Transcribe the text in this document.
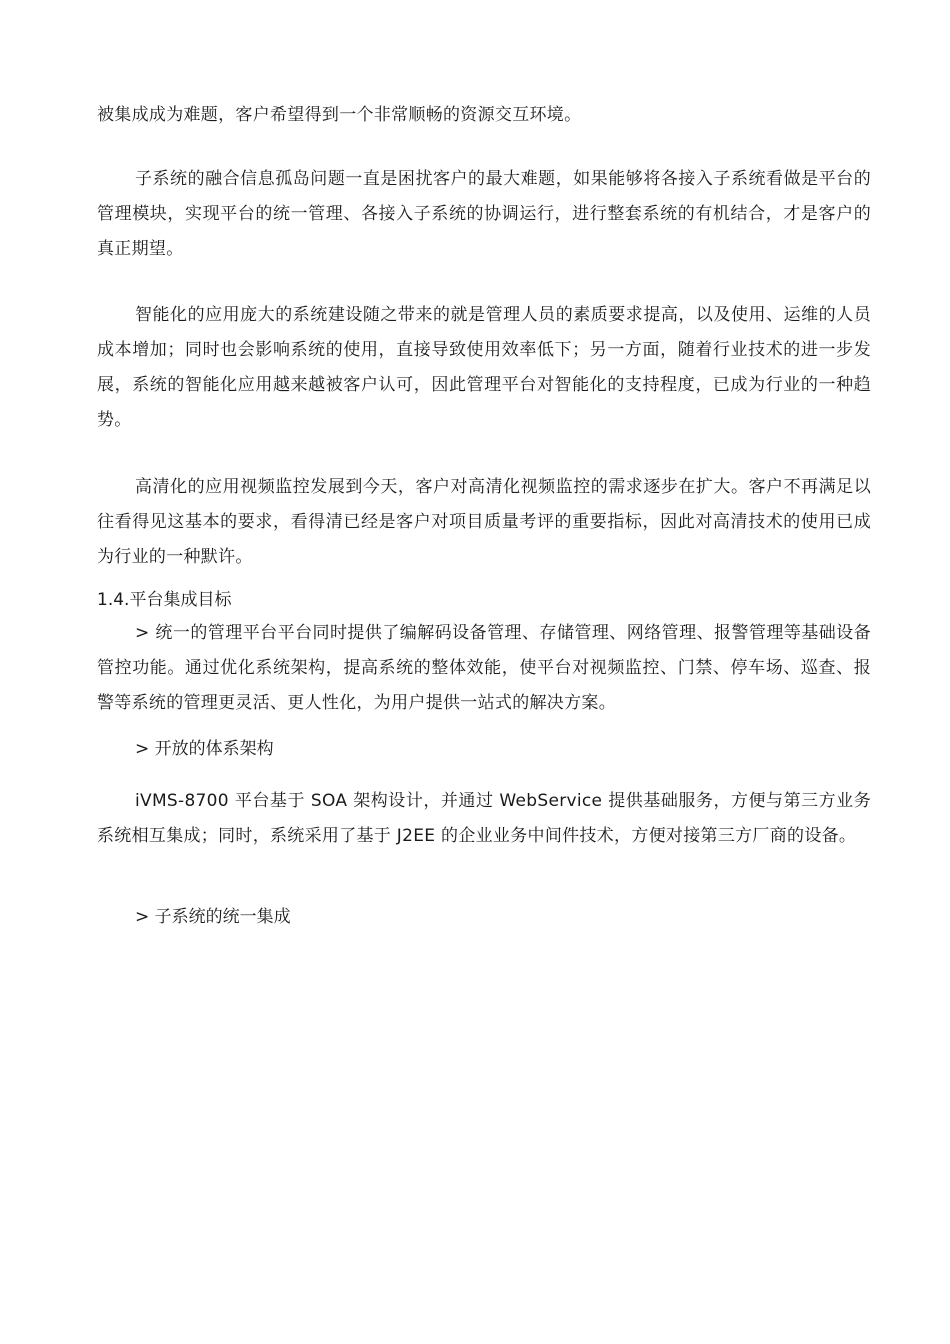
被集成成为难题，客户希望得到一个非常顺畅的资源交互环境。

子系统的融合信息孤岛问题一直是困扰客户的最大难题，如果能够将各接入子系统看做是平台的管理模块，实现平台的统一管理、各接入子系统的协调运行，进行整套系统的有机结合，才是客户的真正期望。

智能化的应用庞大的系统建设随之带来的就是管理人员的素质要求提高，以及使用、运维的人员成本增加；同时也会影响系统的使用，直接导致使用效率低下；另一方面，随着行业技术的进一步发展，系统的智能化应用越来越被客户认可，因此管理平台对智能化的支持程度，已成为行业的一种趋势。

高清化的应用视频监控发展到今天，客户对高清化视频监控的需求逐步在扩大。客户不再满足以往看得见这基本的要求，看得清已经是客户对项目质量考评的重要指标，因此对高清技术的使用已成为行业的一种默许。

1.4.平台集成目标

> 统一的管理平台平台同时提供了编解码设备管理、存储管理、网络管理、报警管理等基础设备管控功能。通过优化系统架构，提高系统的整体效能，使平台对视频监控、门禁、停车场、巡查、报警等系统的管理更灵活、更人性化，为用户提供一站式的解决方案。

> 开放的体系架构

iVMS-8700 平台基于 SOA 架构设计，并通过 WebService 提供基础服务，方便与第三方业务系统相互集成；同时，系统采用了基于 J2EE 的企业业务中间件技术，方便对接第三方厂商的设备。

> 子系统的统一集成
